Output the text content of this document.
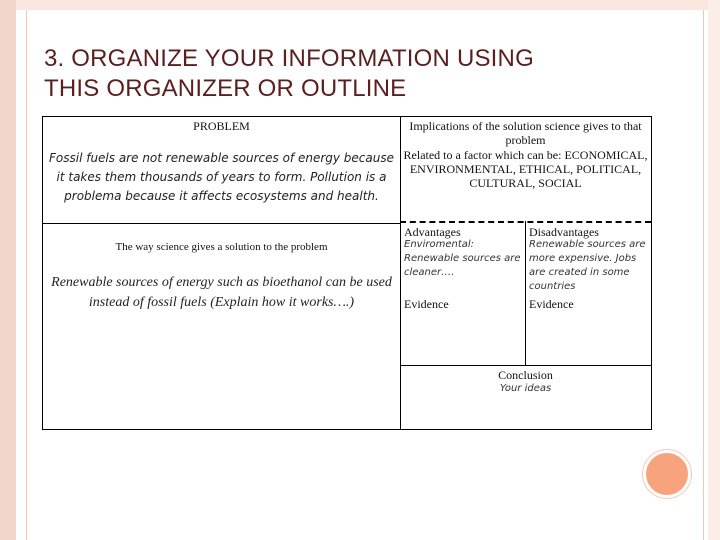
3. ORGANIZE YOUR INFORMATION USING
THIS ORGANIZER OR OUTLINE
PROBLEM
Fossil fuels are not renewable sources of energy because it takes them thousands of years to form. Pollution is a problema because it affects ecosystems and health.
The way science gives a solution to the problem
Renewable sources of energy such as bioethanol can be used instead of fossil fuels (Explain how it works….)
Implications of the solution science gives to that problem
Related to a factor which can be: ECONOMICAL, ENVIRONMENTAL, ETHICAL, POLITICAL, CULTURAL, SOCIAL
Advantages
Enviromental: Renewable sources are cleaner….
Evidence
Disadvantages
Renewable sources are more expensive. Jobs are created in some countries
Evidence
Conclusion
Your ideas
